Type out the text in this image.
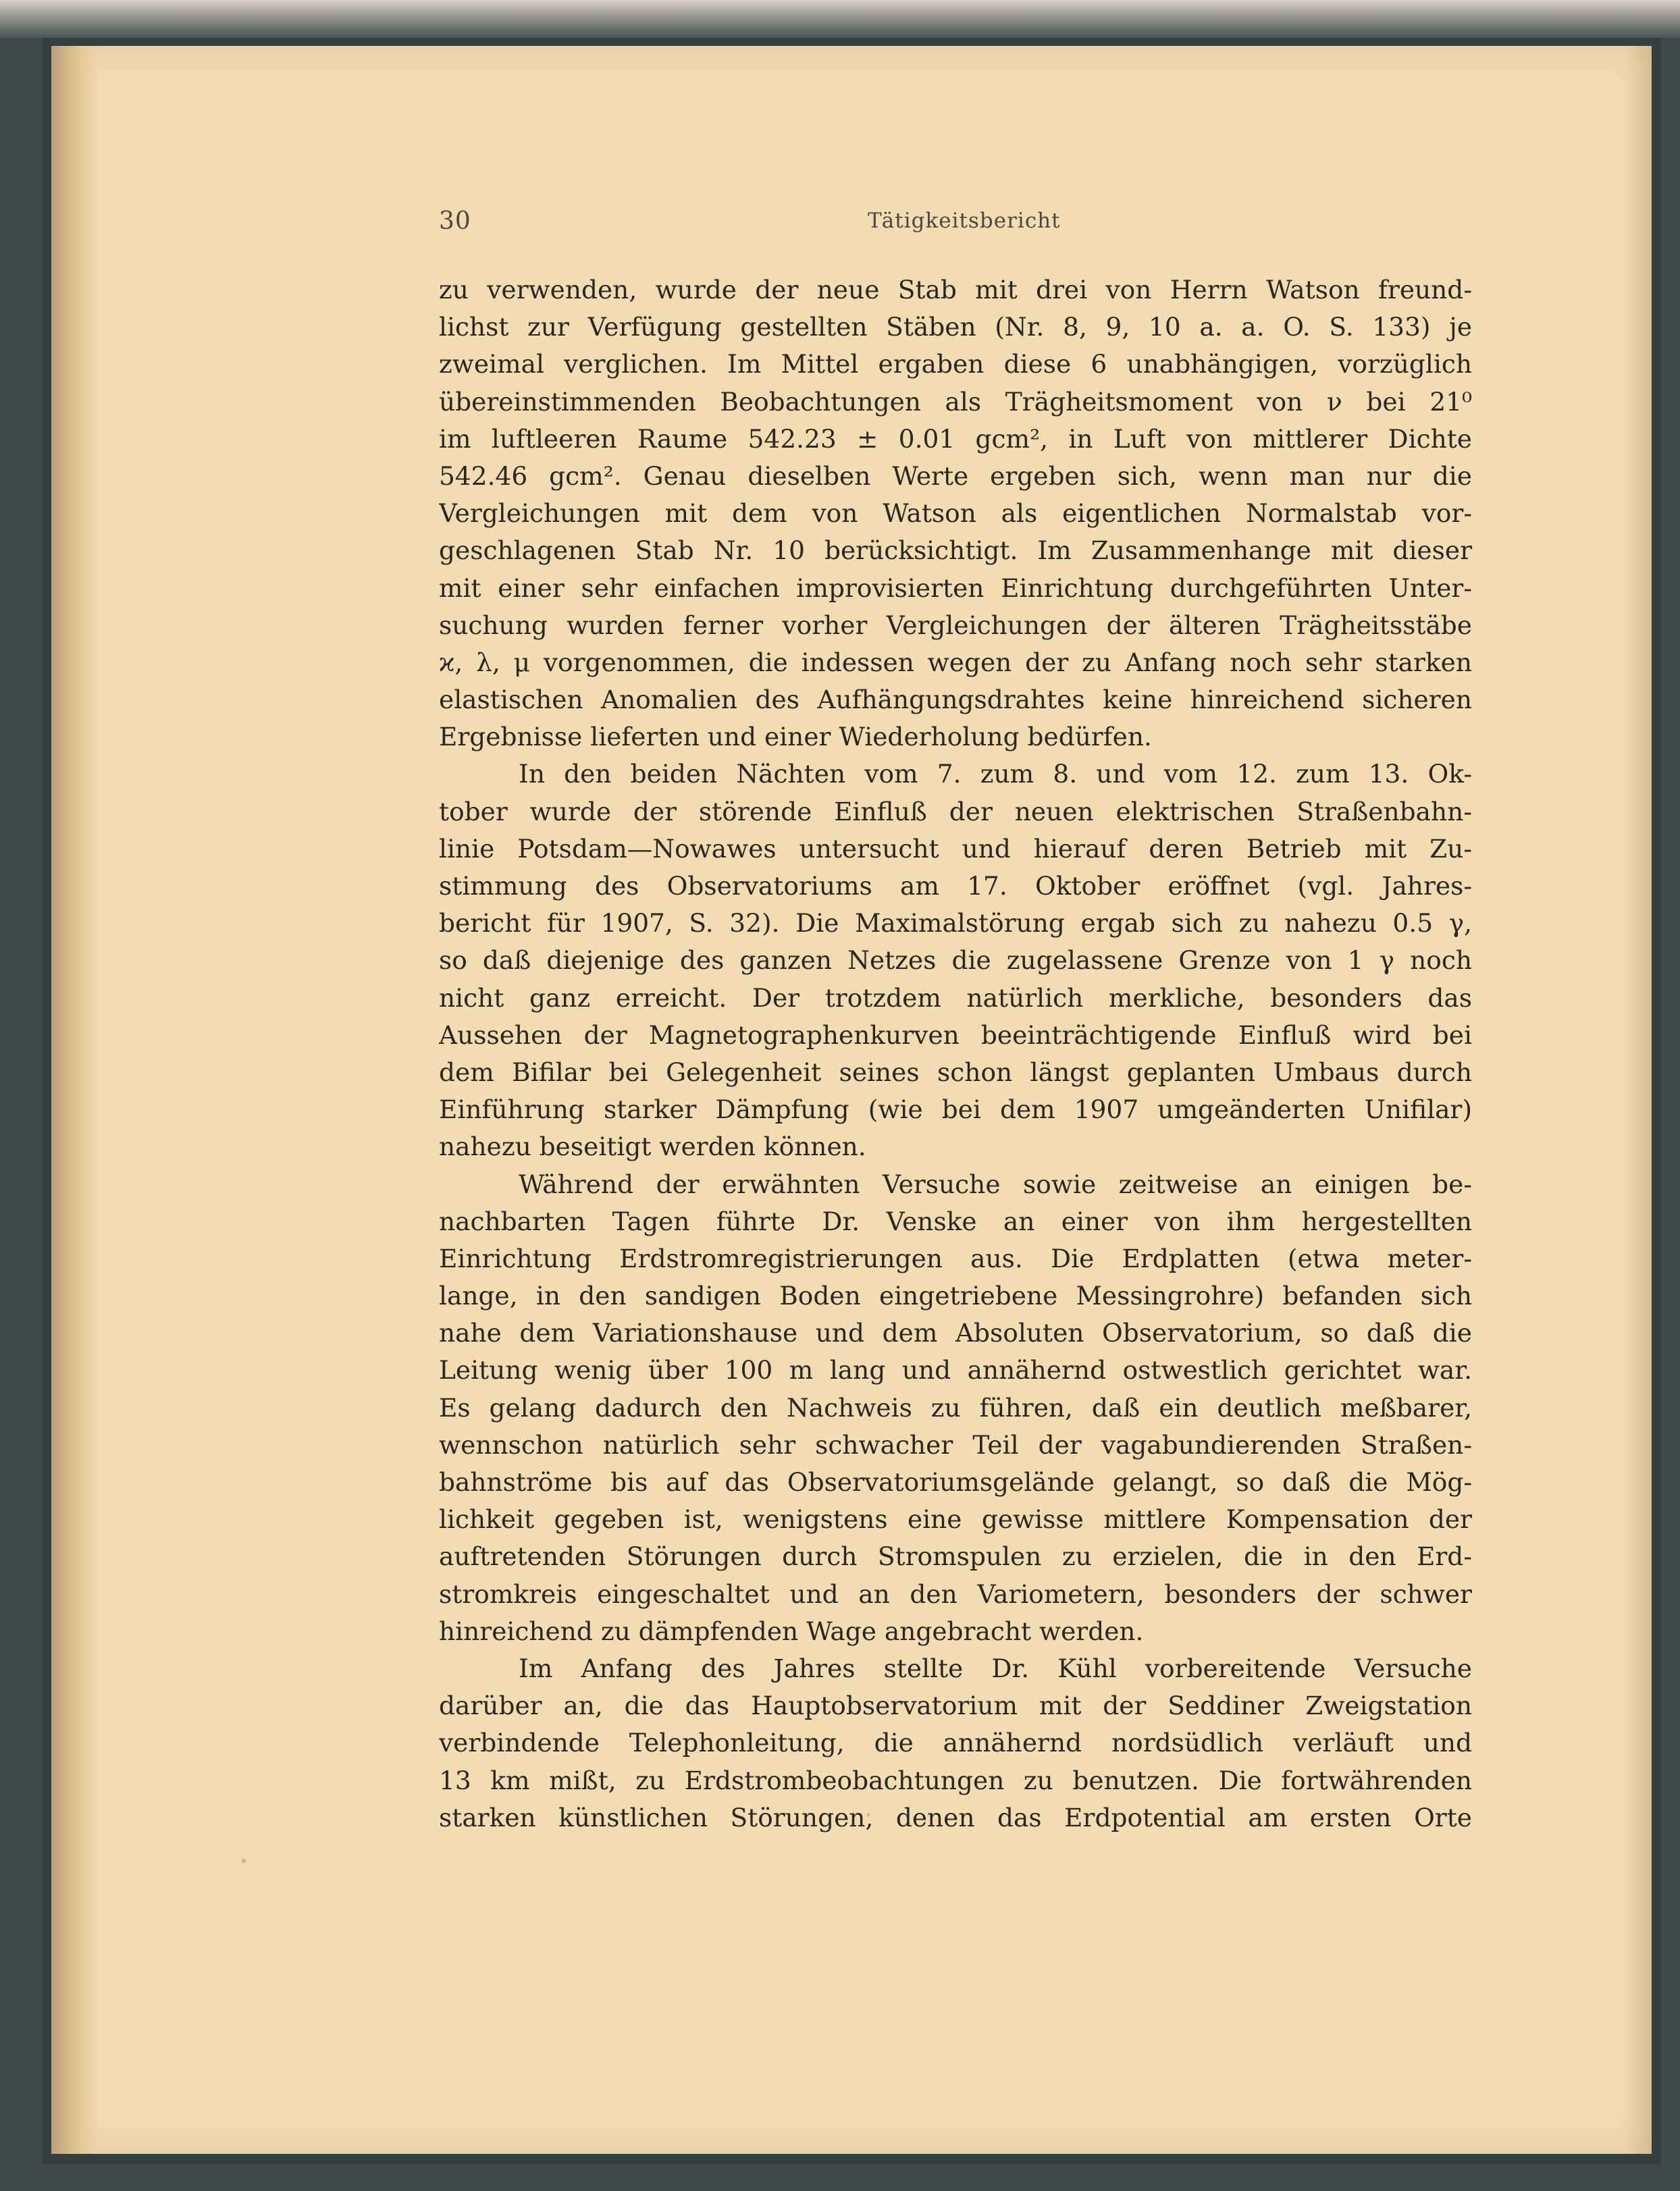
30	Tätigkeitsbericht
zu verwenden, wurde der neue Stab mit drei von Herrn Watson freund-
lichst zur Verfügung gestellten Stäben (Nr. 8, 9, 10 a. a. O. S. 133) je
zweimal verglichen. Im Mittel ergaben diese 6 unabhängigen, vorzüglich
übereinstimmenden Beobachtungen als Trägheitsmoment von ν bei 21⁰
im luftleeren Raume 542.23 ± 0.01 gcm², in Luft von mittlerer Dichte
542.46 gcm². Genau dieselben Werte ergeben sich, wenn man nur die
Vergleichungen mit dem von Watson als eigentlichen Normalstab vor-
geschlagenen Stab Nr. 10 berücksichtigt. Im Zusammenhange mit dieser
mit einer sehr einfachen improvisierten Einrichtung durchgeführten Unter-
suchung wurden ferner vorher Vergleichungen der älteren Trägheitsstäbe
ϰ, λ, μ vorgenommen, die indessen wegen der zu Anfang noch sehr starken
elastischen Anomalien des Aufhängungsdrahtes keine hinreichend sicheren
Ergebnisse lieferten und einer Wiederholung bedürfen.
In den beiden Nächten vom 7. zum 8. und vom 12. zum 13. Ok-
tober wurde der störende Einfluß der neuen elektrischen Straßenbahn-
linie Potsdam—Nowawes untersucht und hierauf deren Betrieb mit Zu-
stimmung des Observatoriums am 17. Oktober eröffnet (vgl. Jahres-
bericht für 1907, S. 32). Die Maximalstörung ergab sich zu nahezu 0.5 γ,
so daß diejenige des ganzen Netzes die zugelassene Grenze von 1 γ noch
nicht ganz erreicht. Der trotzdem natürlich merkliche, besonders das
Aussehen der Magnetographenkurven beeinträchtigende Einfluß wird bei
dem Bifilar bei Gelegenheit seines schon längst geplanten Umbaus durch
Einführung starker Dämpfung (wie bei dem 1907 umgeänderten Unifilar)
nahezu beseitigt werden können.
Während der erwähnten Versuche sowie zeitweise an einigen be-
nachbarten Tagen führte Dr. Venske an einer von ihm hergestellten
Einrichtung Erdstromregistrierungen aus. Die Erdplatten (etwa meter-
lange, in den sandigen Boden eingetriebene Messingrohre) befanden sich
nahe dem Variationshause und dem Absoluten Observatorium, so daß die
Leitung wenig über 100 m lang und annähernd ostwestlich gerichtet war.
Es gelang dadurch den Nachweis zu führen, daß ein deutlich meßbarer,
wennschon natürlich sehr schwacher Teil der vagabundierenden Straßen-
bahnströme bis auf das Observatoriumsgelände gelangt, so daß die Mög-
lichkeit gegeben ist, wenigstens eine gewisse mittlere Kompensation der
auftretenden Störungen durch Stromspulen zu erzielen, die in den Erd-
stromkreis eingeschaltet und an den Variometern, besonders der schwer
hinreichend zu dämpfenden Wage angebracht werden.
Im Anfang des Jahres stellte Dr. Kühl vorbereitende Versuche
darüber an, die das Hauptobservatorium mit der Seddiner Zweigstation
verbindende Telephonleitung, die annähernd nordsüdlich verläuft und
13 km mißt, zu Erdstrombeobachtungen zu benutzen. Die fortwährenden
starken künstlichen Störungen, denen das Erdpotential am ersten Orte
